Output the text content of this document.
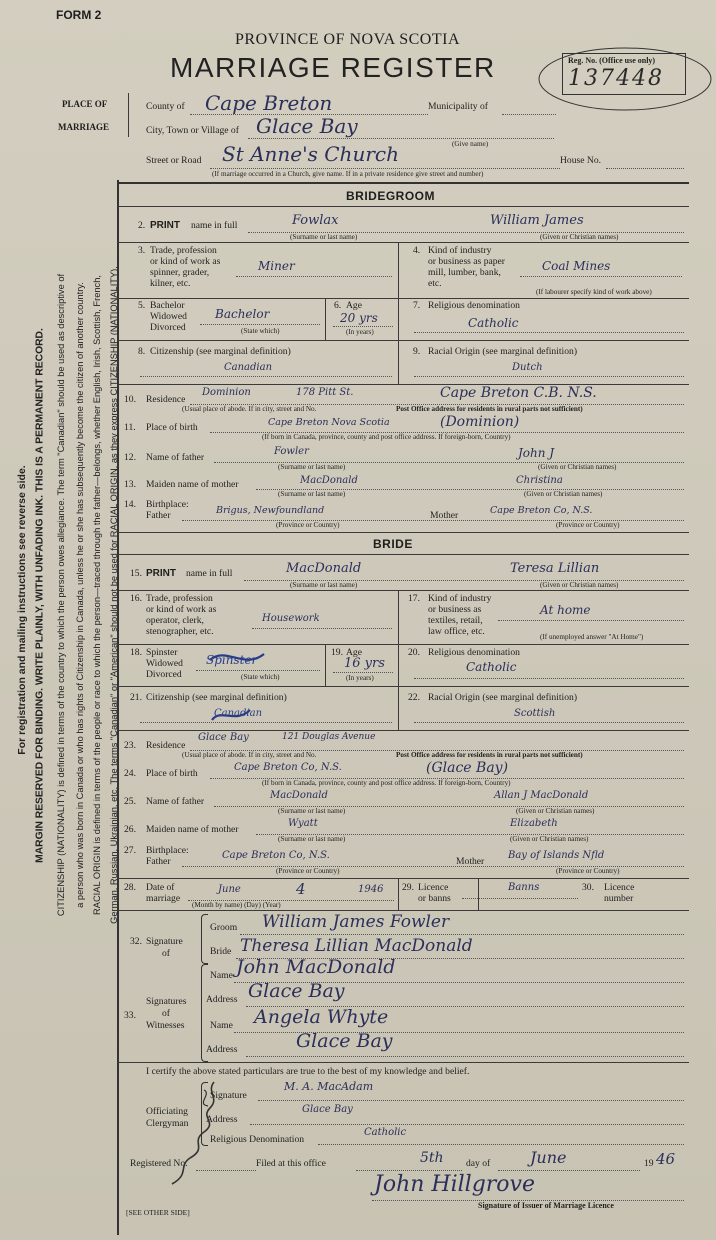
FORM 2
PROVINCE OF NOVA SCOTIA
MARRIAGE REGISTER	Reg. No. (Office use only)
137448
PLACE OF
MARRIAGE
County of Cape Breton	Municipality of
City, Town or Village of Glace Bay
(Give name)
Street or Road St Anne's Church	House No.
(If marriage occurred in a Church, give name. If in a private residence give street and number)
For registration and mailing instructions see reverse side. MARGIN RESERVED FOR BINDING. WRITE PLAINLY, WITH UNFADING INK. THIS IS A PERMANENT RECORD. CITIZENSHIP (NATIONALITY) is defined in terms of the country to which the person owes allegiance. The term "Canadian" should be used as descriptive of a person who was born in Canada or who has rights of Citizenship in Canada, unless he or she has subsequently become the citizen of another country. RACIAL ORIGIN is defined in terms of the people or race to which the person—traced through the father—belongs, whether English, Irish, Scottish, French, German, Russian, Ukrainian, etc. The terms "Canadian" or "American" should not be used for RACIAL ORIGIN, as they express CITIZENSHIP (NATIONALITY).
BRIDEGROOM
2. PRINT name in full	Fowlax	William James
(Surname or last name)	(Given or Christian names)
3. Trade, profession
or kind of work as
spinner, grader,
kilner, etc.
Miner
4. Kind of industry
or business as paper
mill, lumber, bank,
etc.
Coal Mines
(If labourer specify kind of work above)
5. Bachelor
Widowed
Divorced
Bachelor
(State which)
6. Age
20 yrs
(In years)
7. Religious denomination
Catholic
8. Citizenship (see marginal definition)
Canadian
9. Racial Origin (see marginal definition)
Dutch
10. Residence
Dominion	178 Pitt St.	Cape Breton C.B. N.S.
(Usual place of abode. If in city, street and No.	Post Office address for residents in rural parts not sufficient)
11. Place of birth	Cape Breton Nova Scotia	(Dominion)
(If born in Canada, province, county and post office address. If foreign-born, Country)
12. Name of father
Fowler	John J
(Surname or last name)	(Given or Christian names)
13. Maiden name of mother	MacDonald	Christina
(Surname or last name)	(Given or Christian names)
14. Birthplace:
Father	Brigus, Newfoundland	Mother	Cape Breton Co, N.S.
(Province or Country)	(Province or Country)
BRIDE
15. PRINT name in full	MacDonald	Teresa Lillian
(Surname or last name)	(Given or Christian names)
16. Trade, profession
or kind of work as
operator, clerk,
stenographer, etc.
Housework
17. Kind of industry
or business as
textiles, retail,
law office, etc.
At home
(If unemployed answer "At Home")
18. Spinster
Widowed
Divorced
Spinster
(State which)
19. Age
16 yrs
(In years)
20. Religious denomination
Catholic
21. Citizenship (see marginal definition)
Canadian
22. Racial Origin (see marginal definition)
Scottish
23. Residence
Glace Bay	121 Douglas Avenue
(Usual place of abode. If in city, street and No.	Post Office address for residents in rural parts not sufficient)
24. Place of birth
Cape Breton Co, N.S.	(Glace Bay)
(If born in Canada, province, county and post office address. If foreign-born, Country)
25. Name of father
MacDonald	Allan J MacDonald
(Surname or last name)	(Given or Christian names)
26. Maiden name of mother
Wyatt	Elizabeth
(Surname or last name)	(Given or Christian names)
27. Birthplace:
Father
Cape Breton Co, N.S.
Mother
Bay of Islands Nfld
(Province or Country)	(Province or Country)
28. Date of
marriage
June	4	1946
(Month by name) (Day) (Year)
29. Licence
or banns
Banns	30. Licence
number
32. Signature
of
Groom William James Fowler
Bride Theresa Lillian MacDonald
33.
Signatures
of
Witnesses
Name John MacDonald
Address Glace Bay
Name Angela Whyte
Address	Glace Bay
I certify the above stated particulars are true to the best of my knowledge and belief.
Officiating
Clergyman
Signature
M. A. MacAdam
Address
Glace Bay
Religious Denomination
Catholic
Registered No.	Filed at this office	5th day of June	19 46
John Hillgrove
Signature of Issuer of Marriage Licence
[SEE OTHER SIDE]
